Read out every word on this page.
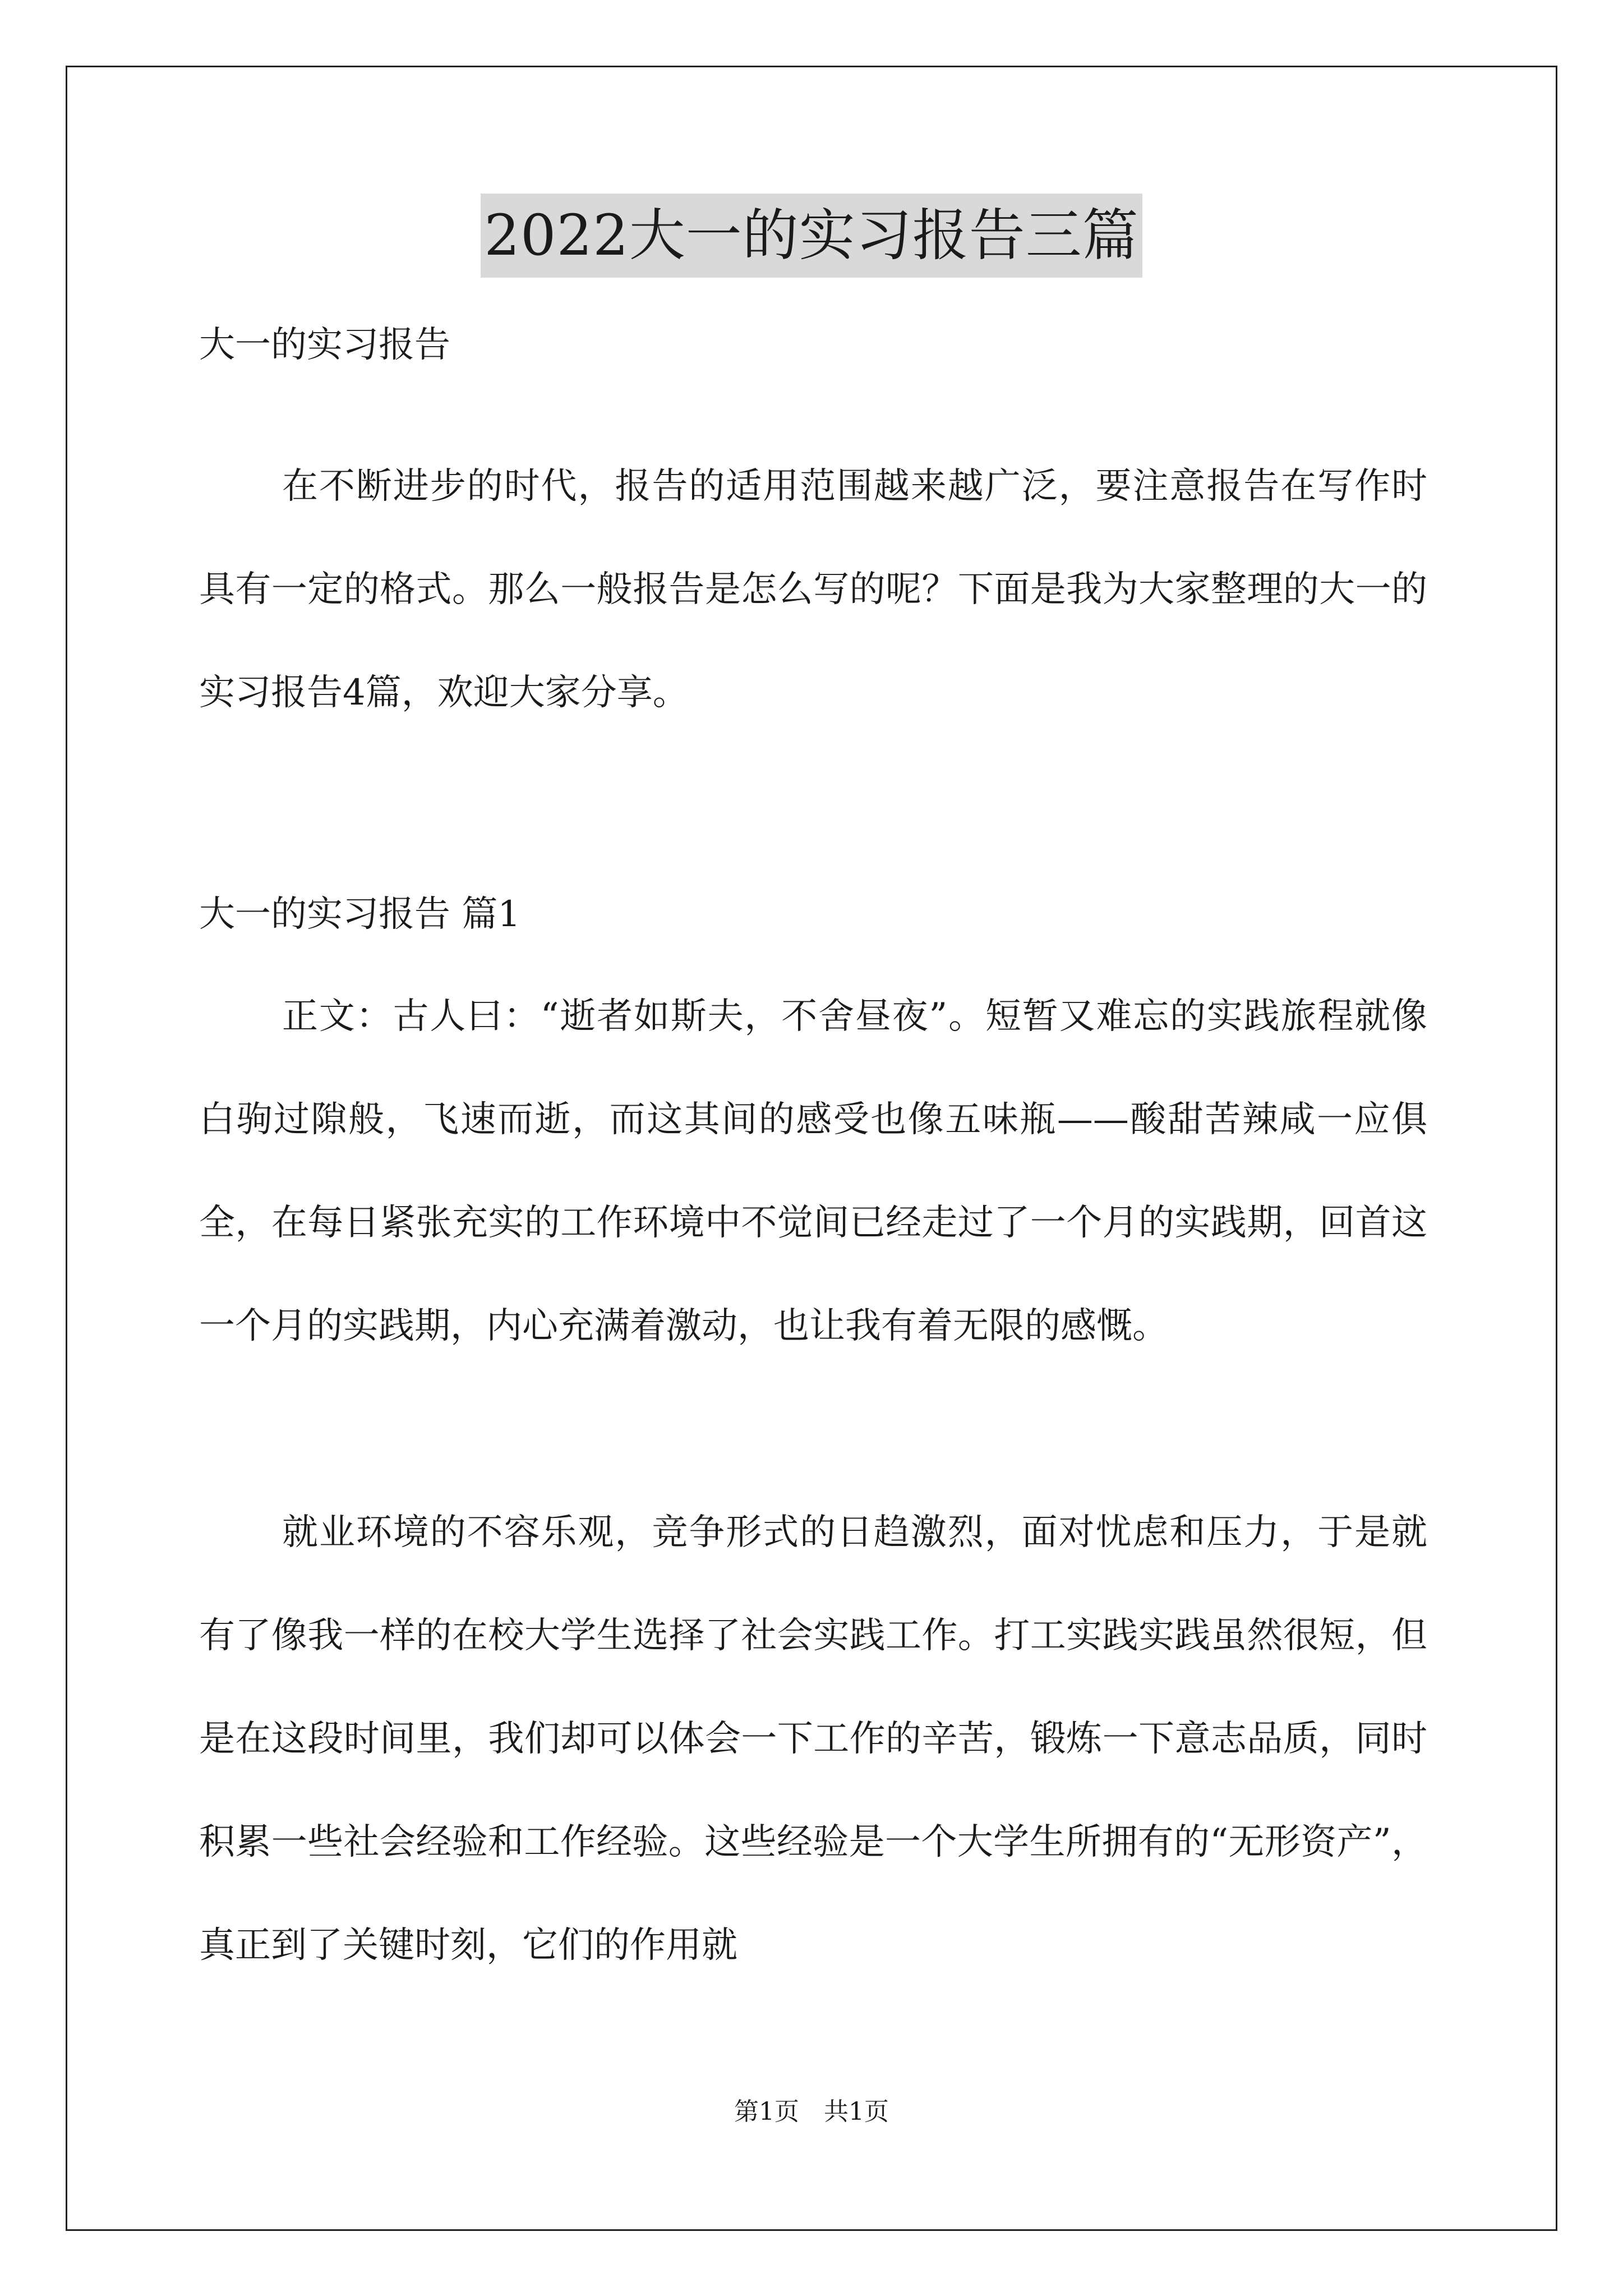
2022大一的实习报告三篇
大一的实习报告

在不断进步的时代，报告的适用范围越来越广泛，要注意报告在写作时具有一定的格式。那么一般报告是怎么写的呢？下面是我为大家整理的大一的实习报告4篇，欢迎大家分享。

大一的实习报告 篇1

正文：古人曰：“逝者如斯夫，不舍昼夜”。短暂又难忘的实践旅程就像白驹过隙般，飞速而逝，而这其间的感受也像五味瓶——酸甜苦辣咸一应俱全，在每日紧张充实的工作环境中不觉间已经走过了一个月的实践期，回首这一个月的实践期，内心充满着激动，也让我有着无限的感慨。

就业环境的不容乐观，竞争形式的日趋激烈，面对忧虑和压力，于是就有了像我一样的在校大学生选择了社会实践工作。打工实践实践虽然很短，但是在这段时间里，我们却可以体会一下工作的辛苦，锻炼一下意志品质，同时积累一些社会经验和工作经验。这些经验是一个大学生所拥有的“无形资产”，真正到了关键时刻，它们的作用就

第1页　共1页
